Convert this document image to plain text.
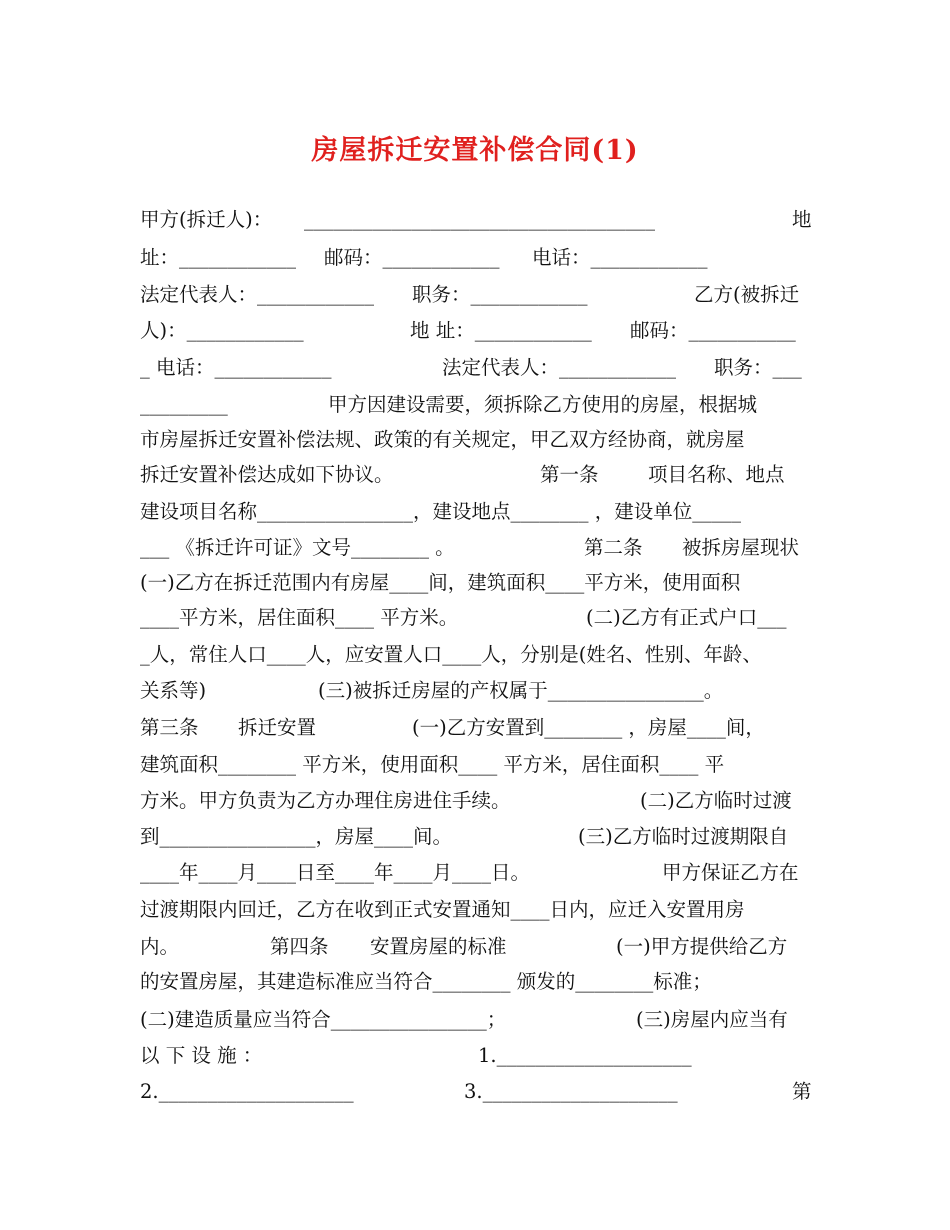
房屋拆迁安置补偿合同(1)

甲方(拆迁人)：

____________________________________

	地

址：____________

邮码：____________

电话：____________

法定代表人：____________

职务：____________

	乙方(被拆迁

人)：____________

	地 址：____________

邮码：___________

_ 电话：____________

	法定代表人：____________

职务：___

_________

	甲方因建设需要，须拆除乙方使用的房屋，根据城

市房屋拆迁安置补偿法规、政策的有关规定，甲乙双方经协商，就房屋

拆迁安置补偿达成如下协议。

	第一条

	项目名称、地点

建设项目名称________________，建设地点________ ，建设单位_____

___ 《拆迁许可证》文号________ 。

	第二条

被拆房屋现状

(一)乙方在拆迁范围内有房屋____间，建筑面积____平方米，使用面积

____平方米，居住面积____ 平方米。

	(二)乙方有正式户口___

_人，常住人口____人，应安置人口____人，分别是(姓名、性别、年龄、

关系等)

	(三)被拆迁房屋的产权属于________________。

第三条

拆迁安置

	(一)乙方安置到________ ，房屋____间，

建筑面积________ 平方米，使用面积____ 平方米，居住面积____ 平

方米。甲方负责为乙方办理住房进住手续。

	(二)乙方临时过渡

到________________，房屋____间。

	(三)乙方临时过渡期限自

____年____月____日至____年____月____日。

	甲方保证乙方在

过渡期限内回迁，乙方在收到正式安置通知____日内，应迁入安置用房

内。

	第四条

安置房屋的标准

	(一)甲方提供给乙方

的安置房屋，其建造标准应当符合________ 颁发的________标准；

(二)建造质量应当符合________________；

	(三)房屋内应当有

以 下 设 施 ：

	1.____________________

2.____________________

	3.____________________

	第
